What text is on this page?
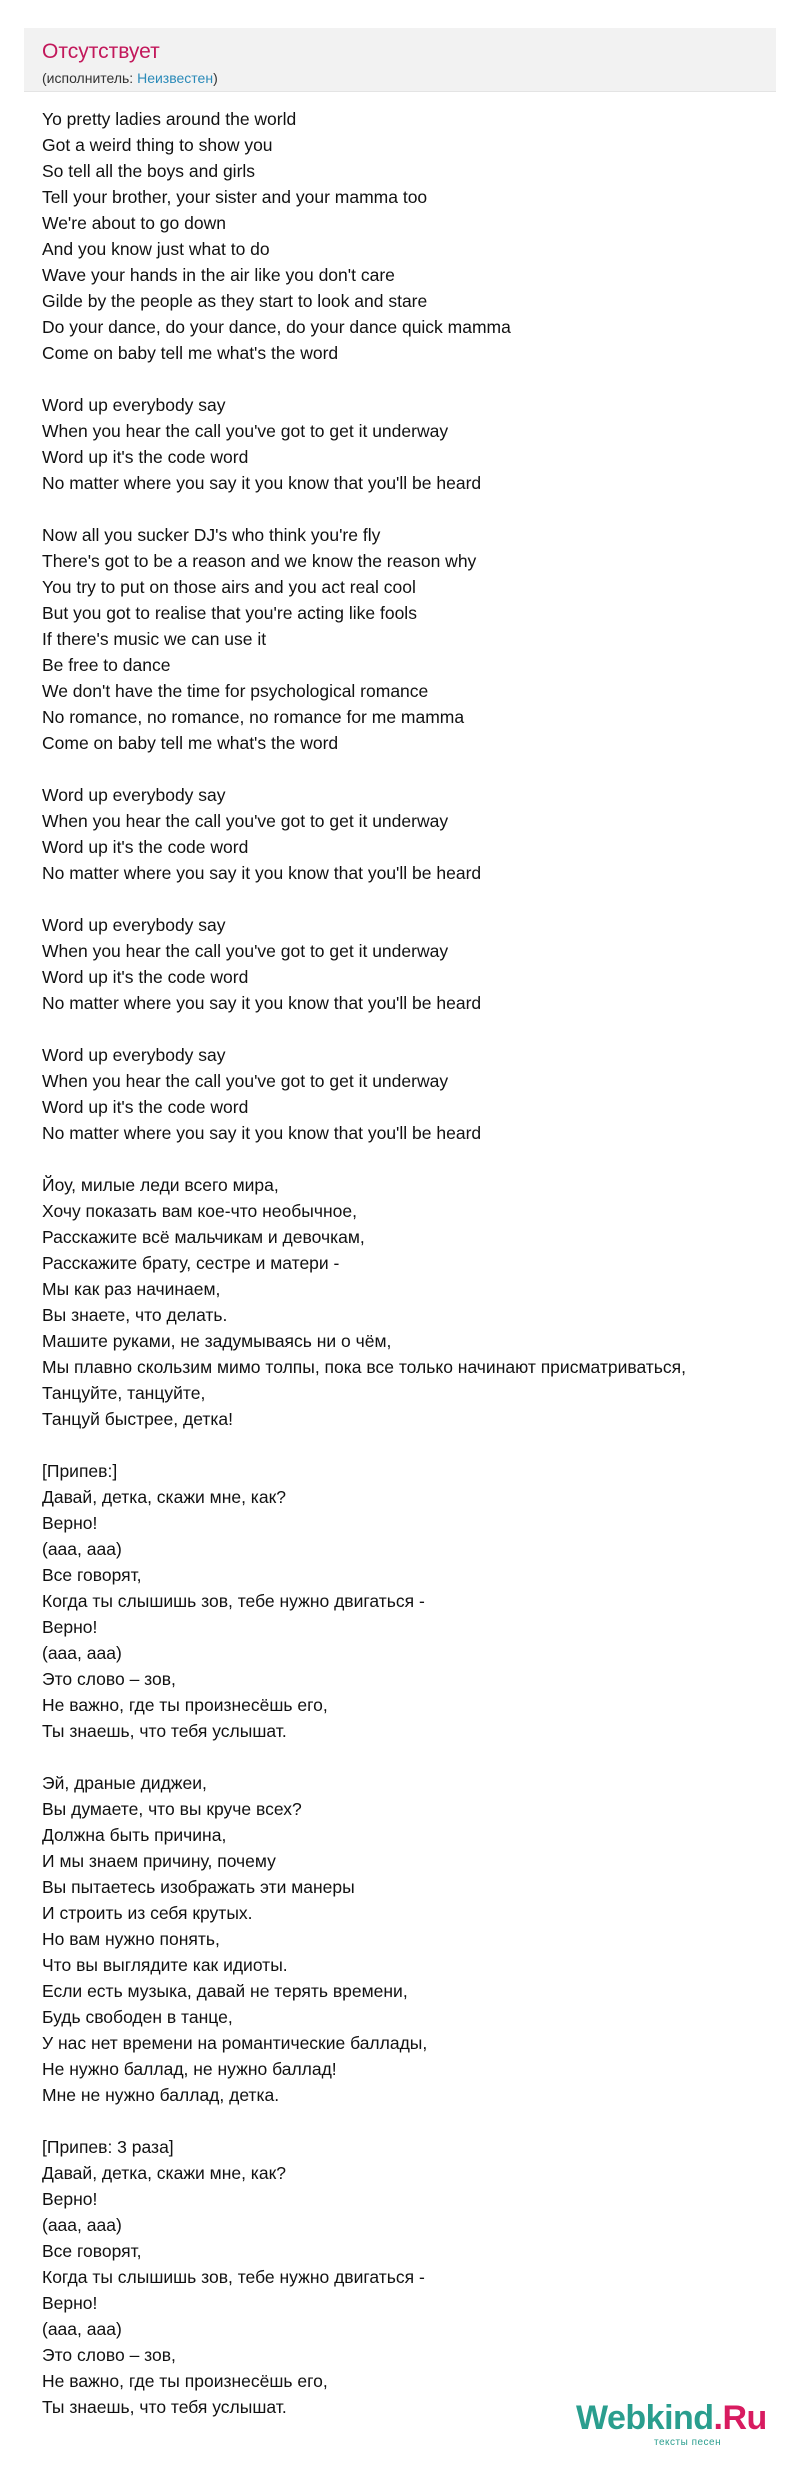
Отсутствует
(исполнитель: Неизвестен)
Yo pretty ladies around the world
Got a weird thing to show you
So tell all the boys and girls
Tell your brother, your sister and your mamma too
We're about to go down
And you know just what to do
Wave your hands in the air like you don't care
Gilde by the people as they start to look and stare
Do your dance, do your dance, do your dance quick mamma
Come on baby tell me what's the word
Word up everybody say
When you hear the call you've got to get it underway
Word up it's the code word
No matter where you say it you know that you'll be heard
Now all you sucker DJ's who think you're fly
There's got to be a reason and we know the reason why
You try to put on those airs and you act real cool
But you got to realise that you're acting like fools
If there's music we can use it
Be free to dance
We don't have the time for psychological romance
No romance, no romance, no romance for me mamma
Come on baby tell me what's the word
Word up everybody say
When you hear the call you've got to get it underway
Word up it's the code word
No matter where you say it you know that you'll be heard
Word up everybody say
When you hear the call you've got to get it underway
Word up it's the code word
No matter where you say it you know that you'll be heard
Word up everybody say
When you hear the call you've got to get it underway
Word up it's the code word
No matter where you say it you know that you'll be heard
Йоу, милые леди всего мира,
Хочу показать вам кое-что необычное,
Расскажите всё мальчикам и девочкам,
Расскажите брату, сестре и матери -
Мы как раз начинаем,
Вы знаете, что делать.
Машите руками, не задумываясь ни о чём,
Мы плавно скользим мимо толпы, пока все только начинают присматриваться,
Танцуйте, танцуйте,
Танцуй быстрее, детка!
[Припев:]
Давай, детка, скажи мне, как?
Верно!
(ааа, ааа)
Все говорят,
Когда ты слышишь зов, тебе нужно двигаться -
Верно!
(ааа, ааа)
Это слово – зов,
Не важно, где ты произнесёшь его,
Ты знаешь, что тебя услышат.
Эй, драные диджеи,
Вы думаете, что вы круче всех?
Должна быть причина,
И мы знаем причину, почему
Вы пытаетесь изображать эти манеры
И строить из себя крутых.
Но вам нужно понять,
Что вы выглядите как идиоты.
Если есть музыка, давай не терять времени,
Будь свободен в танце,
У нас нет времени на романтические баллады,
Не нужно баллад, не нужно баллад!
Мне не нужно баллад, детка.
[Припев: 3 раза]
Давай, детка, скажи мне, как?
Верно!
(ааа, ааа)
Все говорят,
Когда ты слышишь зов, тебе нужно двигаться -
Верно!
(ааа, ааа)
Это слово – зов,
Не важно, где ты произнесёшь его,
Ты знаешь, что тебя услышат.	Webkind.Ru
тексты песен
